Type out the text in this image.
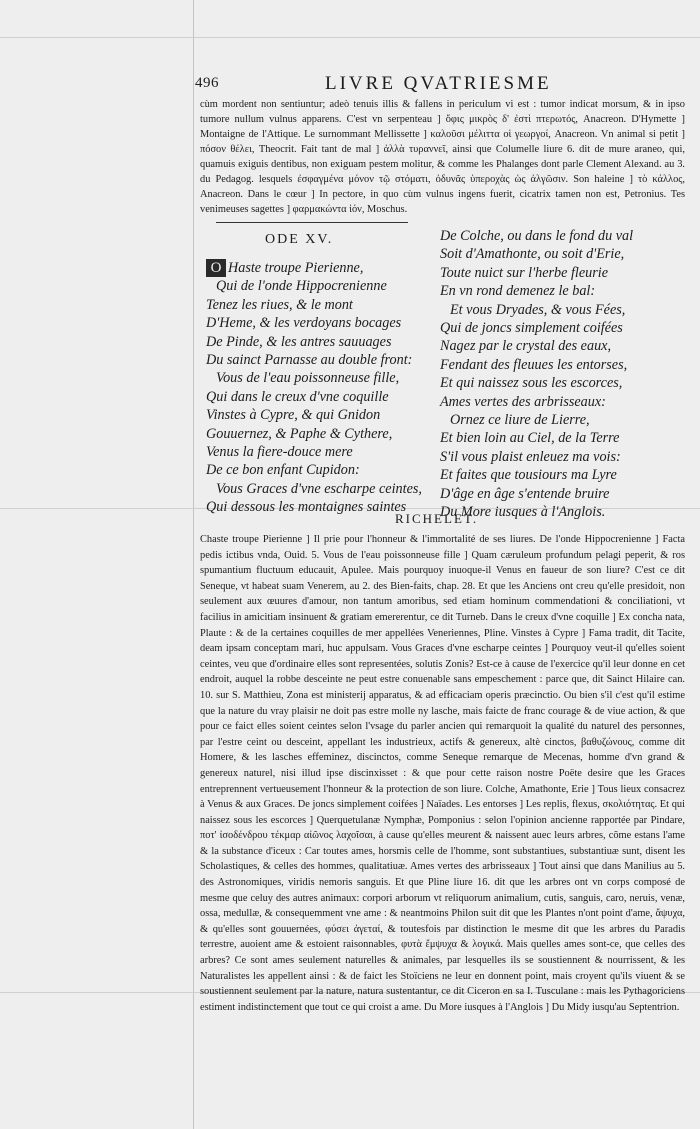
496	LIVRE QVATRIESME

cùm mordent non sentiuntur; adeò tenuis illis & fallens in periculum vi est : tumor indicat morsum, & in ipso tumore nullum vulnus apparens. C'est vn serpenteau ] ὄφις μικρὸς δ' ἐστὶ πτερωτός, Anacreon. D'Hymette ] Montaigne de l'Attique. Le surnommant Mellissette ] καλοῦσι μέλιττα οἱ γεωργοί, Anacreon. Vn animal si petit ] πόσον θέλει, Theocrit. Fait tant de mal ] ἀλλὰ τυραννεῖ, ainsi que Columelle liure 6. dit de mure araneo, qui, quamuis exiguis dentibus, non exiguam pestem molitur, & comme les Phalanges dont parle Clement Alexand. au 3. du Pedagog. lesquels ἐσφαγμένα μόνον τῷ στόματι, ὀδυνᾶς ὑπεροχὰς ὡς ἀλγῶσιν. Son haleine ] τὸ κάλλος, Anacreon. Dans le cœur ] In pectore, in quo cùm vulnus ingens fuerit, cicatrix tamen non est, Petronius. Tes venimeuses sagettes ] φαρμακώντα ἰόν, Moschus.

ODE XV.
O Haste troupe Pierienne,
Qui de l'onde Hippocrenienne
Tenez les riues, & le mont
D'Heme, & les verdoyans bocages
De Pinde, & les antres sauuages
Du sainct Parnasse au double front:
Vous de l'eau poissonneuse fille,
Qui dans le creux d'vne coquille
Vinstes à Cypre, & qui Gnidon
Gouuernez, & Paphe & Cythere,
Venus la fiere-douce mere
De ce bon enfant Cupidon:
Vous Graces d'vne escharpe ceintes,
Qui dessous les montaignes saintes
De Colche, ou dans le fond du val
Soit d'Amathonte, ou soit d'Erie,
Toute nuict sur l'herbe fleurie
En vn rond demenez le bal:
Et vous Dryades, & vous Fées,
Qui de joncs simplement coifées
Nagez par le crystal des eaux,
Fendant des fleuues les entorses,
Et qui naissez sous les escorces,
Ames vertes des arbrisseaux:
Ornez ce liure de Lierre,
Et bien loin au Ciel, de la Terre
S'il vous plaist enleuez ma vois:
Et faites que tousiours ma Lyre
D'âge en âge s'entende bruire
Du More iusques à l'Anglois.
RICHELET.

Chaste troupe Pierienne ] Il prie pour l'honneur & l'immortalité de ses liures. De l'onde Hippocrenienne ] Facta pedis ictibus vnda, Ouid. 5. Vous de l'eau poissonneuse fille ] Quam cæruleum profundum pelagi peperit, & ros spumantium fluctuum educauit, Apulee. Mais pourquoy inuoque-il Venus en faueur de son liure? C'est ce dit Seneque, vt habeat suam Venerem, au 2. des Bien-faits, chap. 28. Et que les Anciens ont creu qu'elle presidoit, non seulement aux œuures d'amour, non tantum amoribus, sed etiam hominum commendationi & conciliationi, vt facilius in amicitiam insinuent & gratiam emererentur, ce dit Turneb. Dans le creux d'vne coquille ] Ex concha nata, Plaute : & de la certaines coquilles de mer appellées Veneriennes, Pline. Vinstes à Cypre ] Fama tradit, dit Tacite, deam ipsam conceptam mari, huc appulsam. Vous Graces d'vne escharpe ceintes ] Pourquoy veut-il qu'elles soient ceintes, veu que d'ordinaire elles sont representées, solutis Zonis? Est-ce à cause de l'exercice qu'il leur donne en cet endroit, auquel la robbe desceinte ne peut estre conuenable sans empeschement : parce que, dit Sainct Hilaire can. 10. sur S. Matthieu, Zona est ministerij apparatus, & ad efficaciam operis præcinctio. Ou bien s'il c'est qu'il estime que la nature du vray plaisir ne doit pas estre molle ny lasche, mais faicte de franc courage & de viue action, & que pour ce faict elles soient ceintes selon l'vsage du parler ancien qui remarquoit la qualité du naturel des personnes, par l'estre ceint ou desceint, appellant les industrieux, actifs & genereux, altè cinctos, βαθυζώνους, comme dit Homere, & les lasches effeminez, discinctos, comme Seneque remarque de Mecenas, homme d'vn grand & genereux naturel, nisi illud ipse discinxisset : & que pour cette raison nostre Poëte desire que les Graces entreprennent vertueusement l'honneur & la protection de son liure. Colche, Amathonte, Erie ] Tous lieux consacrez à Venus & aux Graces. De joncs simplement coifées ] Naïades. Les entorses ] Les replis, flexus, σκολιότητας. Et qui naissez sous les escorces ] Querquetulanæ Nymphæ, Pomponius : selon l'opinion ancienne rapportée par Pindare, ποτ' ἰσοδένδρου τέκμαρ αἰῶνος λαχοῖσαι, à cause qu'elles meurent & naissent auec leurs arbres, cõme estans l'ame & la substance d'iceux : Car toutes ames, horsmis celle de l'homme, sont substantiues, substantiuæ sunt, disent les Scholastiques, & celles des hommes, qualitatiuæ. Ames vertes des arbrisseaux ] Tout ainsi que dans Manilius au 5. des Astronomiques, viridis nemoris sanguis. Et que Pline liure 16. dit que les arbres ont vn corps composé de mesme que celuy des autres animaux: corpori arborum vt reliquorum animalium, cutis, sanguis, caro, neruis, venæ, ossa, medullæ, & consequemment vne ame : & neantmoins Philon suit dit que les Plantes n'ont point d'ame, ἄψυχα, & qu'elles sont gouuernées, φύσει ἀγεταί, & toutesfois par distinction le mesme dit que les arbres du Paradis terrestre, auoient ame & estoient raisonnables, φυτὰ ἔμψυχα & λογικά. Mais quelles ames sont-ce, que celles des arbres? Ce sont ames seulement naturelles & animales, par lesquelles ils se soustiennent & nourrissent, & les Naturalistes les appellent ainsi : & de faict les Stoïciens ne leur en donnent point, mais croyent qu'ils viuent & se soustiennent seulement par la nature, natura sustentantur, ce dit Ciceron en sa I. Tusculane : mais les Pythagoriciens estiment indistinctement que tout ce qui croist a ame. Du More iusques à l'Anglois ] Du Midy iusqu'au Septentrion.
